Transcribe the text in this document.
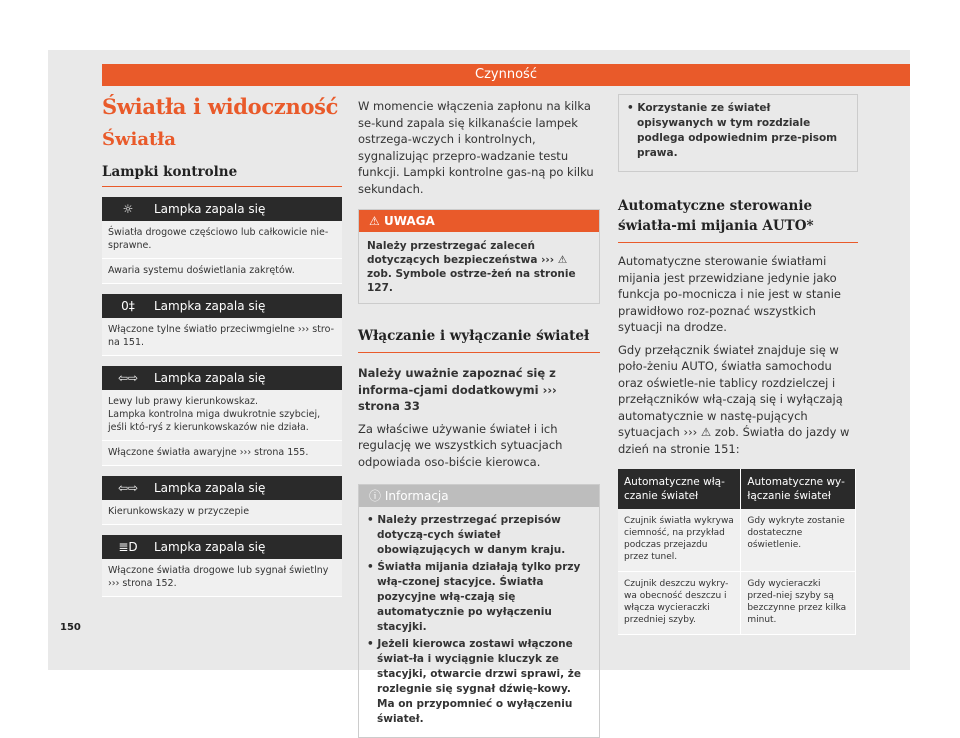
Czynność
Światła i widoczność
Światła
Lampki kontrolne
☼	Lampka zapala się
Światła drogowe częściowo lub całkowicie nie-sprawne.
Awaria systemu doświetlania zakrętów.
0‡	Lampka zapala się
Włączone tylne światło przeciwmgielne ››› stro-na 151.
⇦⇨	Lampka zapala się
Lewy lub prawy kierunkowskaz.
Lampka kontrolna miga dwukrotnie szybciej, jeśli któ-ryś z kierunkowskazów nie działa.
Włączone światła awaryjne ››› strona 155.
⇦⇨	Lampka zapala się
Kierunkowskazy w przyczepie
≣D	Lampka zapala się
Włączone światła drogowe lub sygnał świetlny ››› strona 152.
W momencie włączenia zapłonu na kilka se-kund zapala się kilkanaście lampek ostrzega-wczych i kontrolnych, sygnalizując przepro-wadzanie testu funkcji. Lampki kontrolne gas-ną po kilku sekundach.
⚠ UWAGA
Należy przestrzegać zaleceń dotyczących bezpieczeństwa ››› ⚠ zob. Symbole ostrze-żeń na stronie 127.
Włączanie i wyłączanie świateł
Należy uważnie zapoznać się z informa-cjami dodatkowymi ››› strona 33
Za właściwe używanie świateł i ich regulację we wszystkich sytuacjach odpowiada oso-biście kierowca.
ⓘ Informacja
• Należy przestrzegać przepisów dotyczą-cych świateł obowiązujących w danym kraju.
• Światła mijania działają tylko przy włą-czonej stacyjce. Światła pozycyjne włą-czają się automatycznie po wyłączeniu stacyjki.
• Jeżeli kierowca zostawi włączone świat-ła i wyciągnie kluczyk ze stacyjki, otwarcie drzwi sprawi, że rozlegnie się sygnał dźwię-kowy. Ma on przypomnieć o wyłączeniu świateł.
• Korzystanie ze świateł opisywanych w tym rozdziale podlega odpowiednim prze-pisom prawa.
Automatyczne sterowanie światła-mi mijania AUTO*
Automatyczne sterowanie światłami mijania jest przewidziane jedynie jako funkcja po-mocnicza i nie jest w stanie prawidłowo roz-poznać wszystkich sytuacji na drodze.
Gdy przełącznik świateł znajduje się w poło-żeniu AUTO, światła samochodu oraz oświetle-nie tablicy rozdzielczej i przełączników włą-czają się i wyłączają automatycznie w nastę-pujących sytuacjach ››› ⚠ zob. Światła do jazdy w dzień na stronie 151:
Automatyczne włą-czanie świateł	Automatyczne wy-łączanie świateł
Czujnik światła wykrywa ciemność, na przykład podczas przejazdu przez tunel.	Gdy wykryte zostanie dostateczne oświetlenie.
Czujnik deszczu wykry-wa obecność deszczu i włącza wycieraczki przedniej szyby.	Gdy wycieraczki przed-niej szyby są bezczynne przez kilka minut.
150
